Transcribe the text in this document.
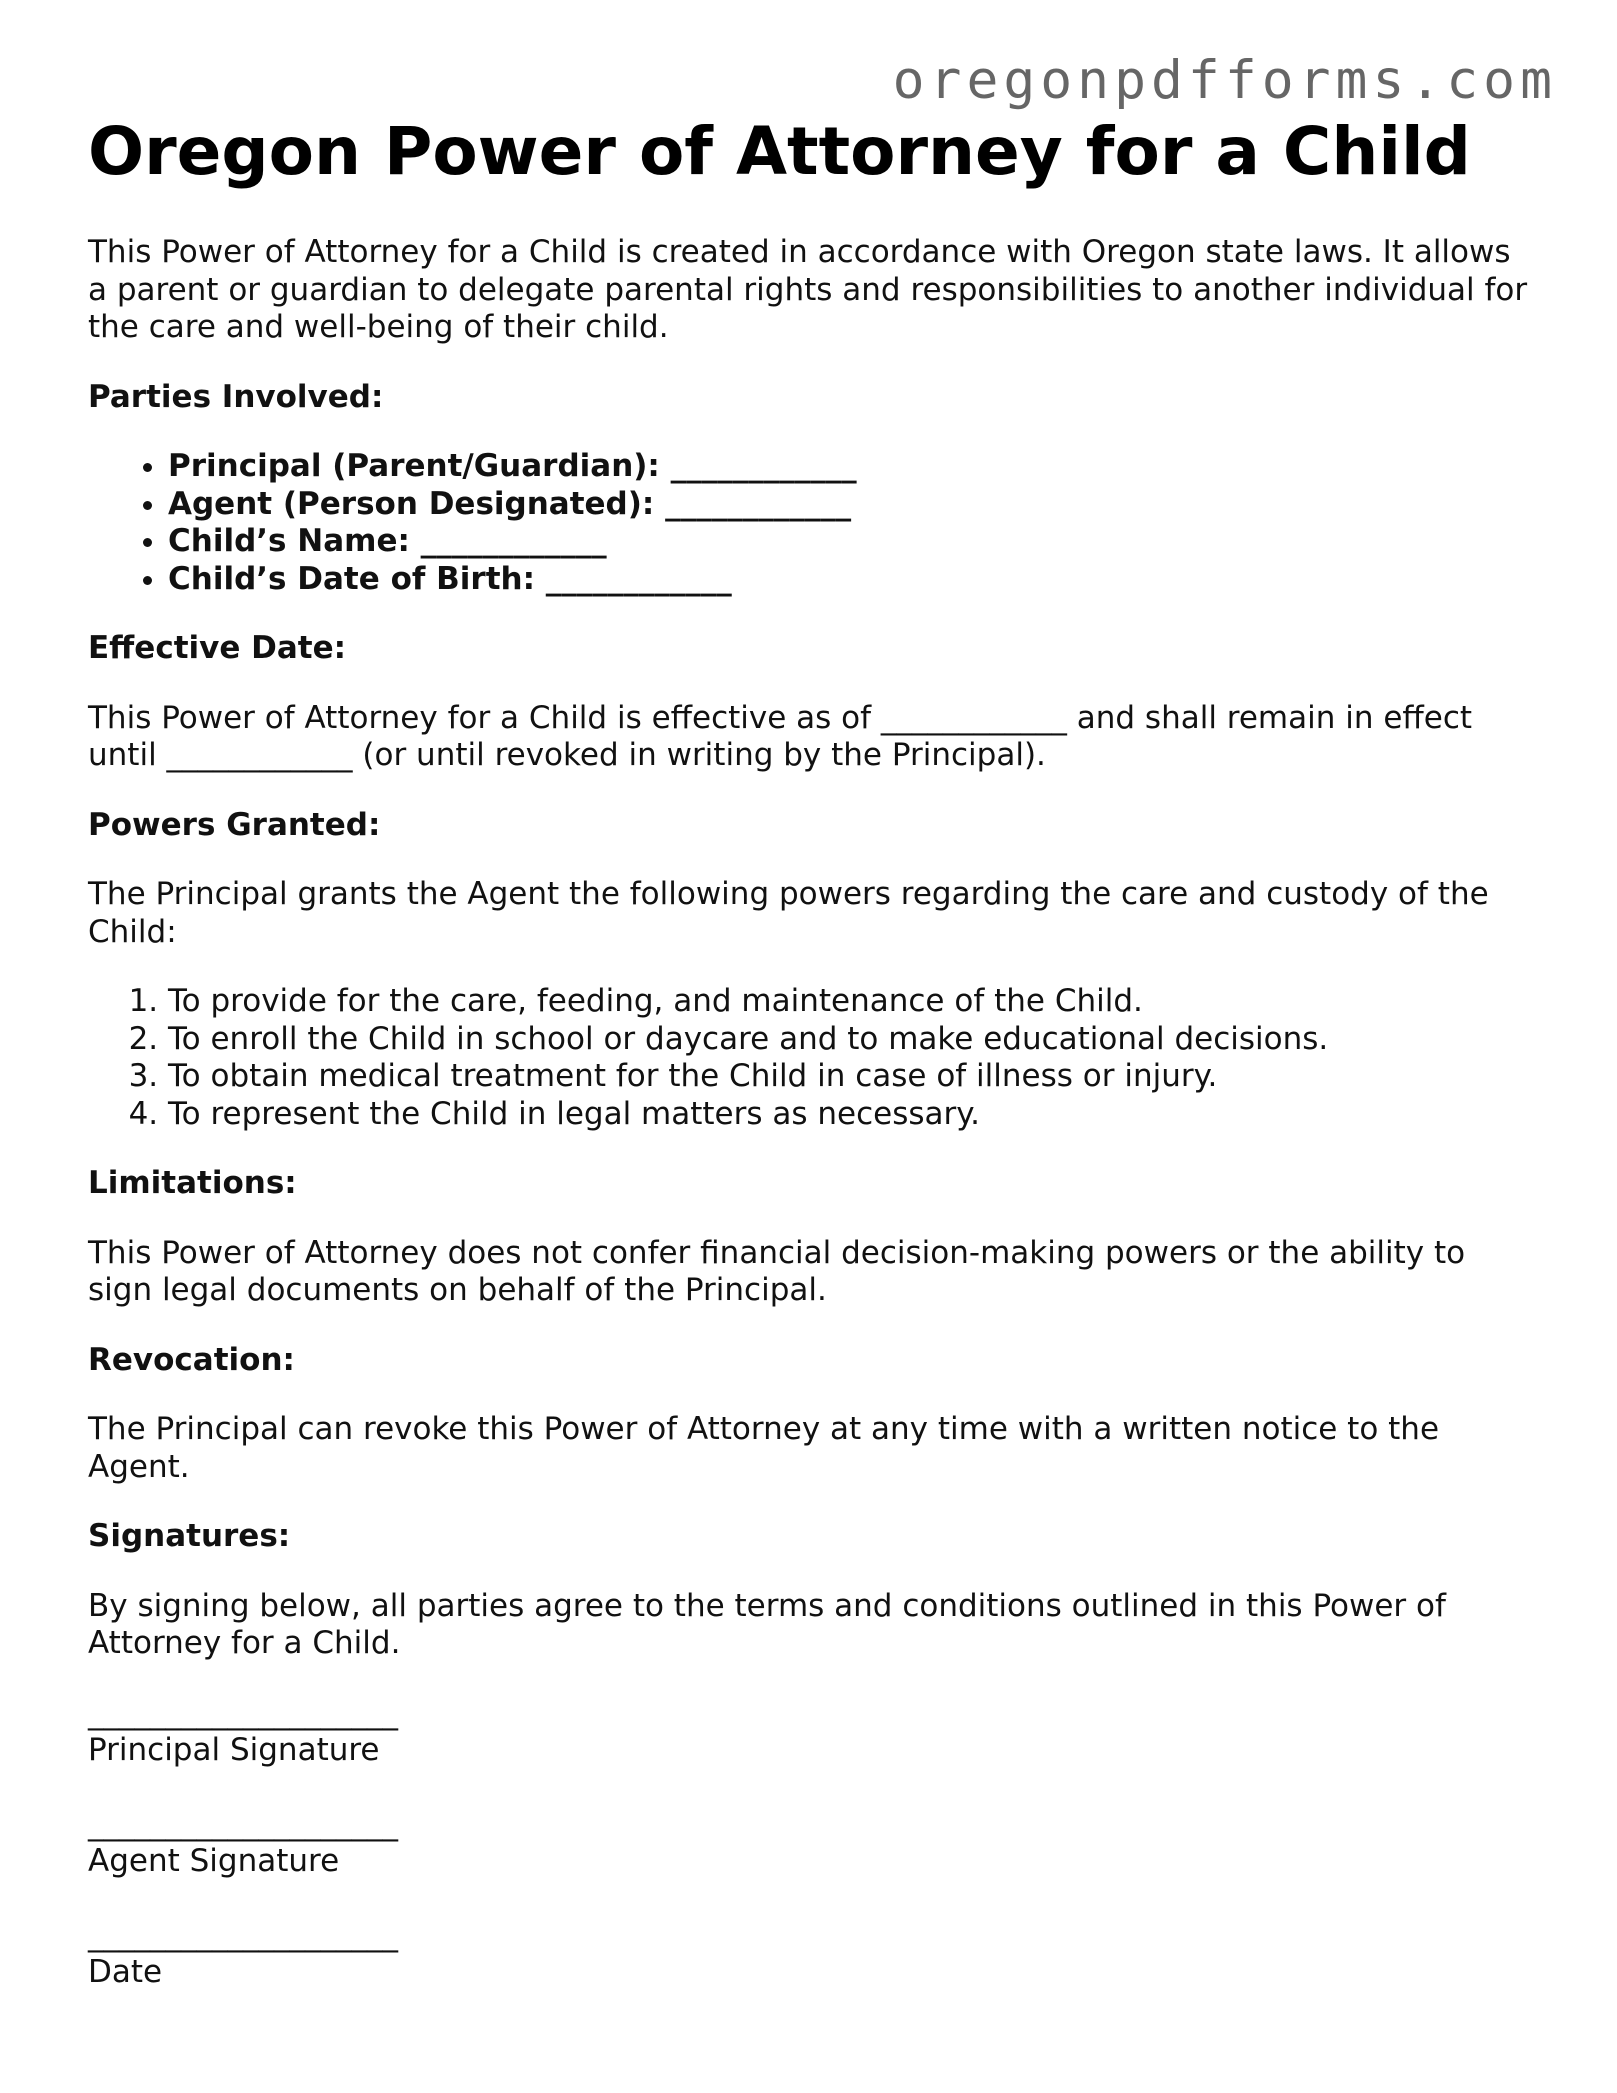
oregonpdfforms.com
Oregon Power of Attorney for a Child

This Power of Attorney for a Child is created in accordance with Oregon state laws. It allows a parent or guardian to delegate parental rights and responsibilities to another individual for the care and well-being of their child.

Parties Involved:

• Principal (Parent/Guardian): ____________
• Agent (Person Designated): ____________
• Child’s Name: ____________
• Child’s Date of Birth: ____________

Effective Date:

This Power of Attorney for a Child is effective as of ____________ and shall remain in effect until ____________ (or until revoked in writing by the Principal).

Powers Granted:

The Principal grants the Agent the following powers regarding the care and custody of the Child:

1. To provide for the care, feeding, and maintenance of the Child.
2. To enroll the Child in school or daycare and to make educational decisions.
3. To obtain medical treatment for the Child in case of illness or injury.
4. To represent the Child in legal matters as necessary.

Limitations:

This Power of Attorney does not confer financial decision-making powers or the ability to sign legal documents on behalf of the Principal.

Revocation:

The Principal can revoke this Power of Attorney at any time with a written notice to the Agent.

Signatures:

By signing below, all parties agree to the terms and conditions outlined in this Power of Attorney for a Child.

____________________
Principal Signature
____________________
Agent Signature
____________________
Date
